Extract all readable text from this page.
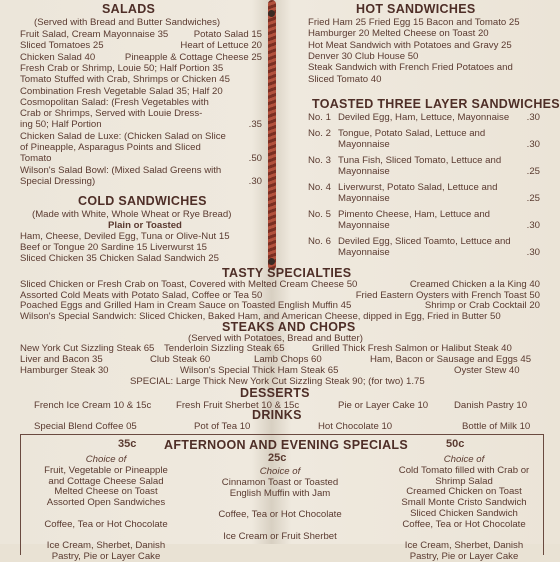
SALADS
(Served with Bread and Butter Sandwiches)
COLD SANDWICHES
(Made with White, Whole Wheat or Rye Bread)
Plain or Toasted
Ham, Cheese, Deviled Egg, Tuna or Olive-Nut 15
Beef or Tongue 20 Sardine 15 Liverwurst 15
Sliced Chicken 35 Chicken Salad Sandwich 25
HOT SANDWICHES
TOASTED THREE LAYER SANDWICHES
TASTY SPECIALTIES
STEAKS AND CHOPS
(Served with Potatoes, Bread and Butter)
SPECIAL: Large Thick New York Cut Sizzling Steak 90; (for two) 1.75
DESSERTS
French Ice Cream 10 & 15c	Fresh Fruit Sherbet 10 & 15c	Pie or Layer Cake 10	Danish Pastry 10
DRINKS
Special Blend Coffee 05	Pot of Tea 10	Hot Chocolate 10	Bottle of Milk 10
AFTERNOON AND EVENING SPECIALS
35c
25c
50c
Fruit Salad, Cream Mayonnaise 35	Potato Salad 15
Sliced Tomatoes 25	Heart of Lettuce 20
Chicken Salad 40	Pineapple & Cottage Cheese 25
Fresh Crab or Shrimp, Louie 50; Half Portion 35
Tomato Stuffed with Crab, Shrimps or Chicken 45
Combination Fresh Vegetable Salad 35; Half 20
Cosmopolitan Salad: (Fresh Vegetables with
Crab or Shrimps, Served with Louie Dress-
ing 50; Half Portion	.35
Chicken Salad de Luxe: (Chicken Salad on Slice
of Pineapple, Asparagus Points and Sliced
Tomato	.50
Wilson's Salad Bowl: (Mixed Salad Greens with
Special Dressing)	.30
Fried Ham 25 Fried Egg 15 Bacon and Tomato 25
Hamburger 20 Melted Cheese on Toast 20
Hot Meat Sandwich with Potatoes and Gravy 25
Denver 30 Club House 50
Steak Sandwich with French Fried Potatoes and
Sliced Tomato 40
No. 1 Deviled Egg, Ham, Lettuce, Mayonnaise .30
No. 2 Tongue, Potato Salad, Lettuce and
Mayonnaise	.30
No. 3 Tuna Fish, Sliced Tomato, Lettuce and
Mayonnaise	.25
No. 4 Liverwurst, Potato Salad, Lettuce and
Mayonnaise	.25
No. 5 Pimento Cheese, Ham, Lettuce and
Mayonnaise	.30
No. 6 Deviled Egg, Sliced Toamto, Lettuce and
Mayonnaise	.30
Sliced Chicken or Fresh Crab on Toast, Covered with Melted Cream Cheese 50	Creamed Chicken a la King 40
Assorted Cold Meats with Potato Salad, Coffee or Tea 50	Fried Eastern Oysters with French Toast 50
Poached Eggs and Grilled Ham in Cream Sauce on Toasted English Muffin 45	Shrimp or Crab Cocktail 20
Wilson's Special Sandwich: Sliced Chicken, Baked Ham, and American Cheese, dipped in Egg, Fried in Butter 50
New York Cut Sizzling Steak 65 Tenderloin Sizzling Steak 65	Grilled Thick Fresh Salmon or Halibut Steak 40
Liver and Bacon 35	Club Steak 60	Lamb Chops 60	Ham, Bacon or Sausage and Eggs 45
Hamburger Steak 30	Wilson's Special Thick Ham Steak 65	Oyster Stew 40
Choice of
Fruit, Vegetable or Pineapple
and Cottage Cheese Salad
Melted Cheese on Toast
Assorted Open Sandwiches
Coffee, Tea or Hot Chocolate
Ice Cream, Sherbet, Danish
Pastry, Pie or Layer Cake
Choice of
Cinnamon Toast or Toasted
English Muffin with Jam
Coffee, Tea or Hot Chocolate
Ice Cream or Fruit Sherbet
Choice of
Cold Tomato filled with Crab or
Shrimp Salad
Creamed Chicken on Toast
Small Monte Cristo Sandwich
Sliced Chicken Sandwich
Coffee, Tea or Hot Chocolate
Ice Cream, Sherbet, Danish
Pastry, Pie or Layer Cake
